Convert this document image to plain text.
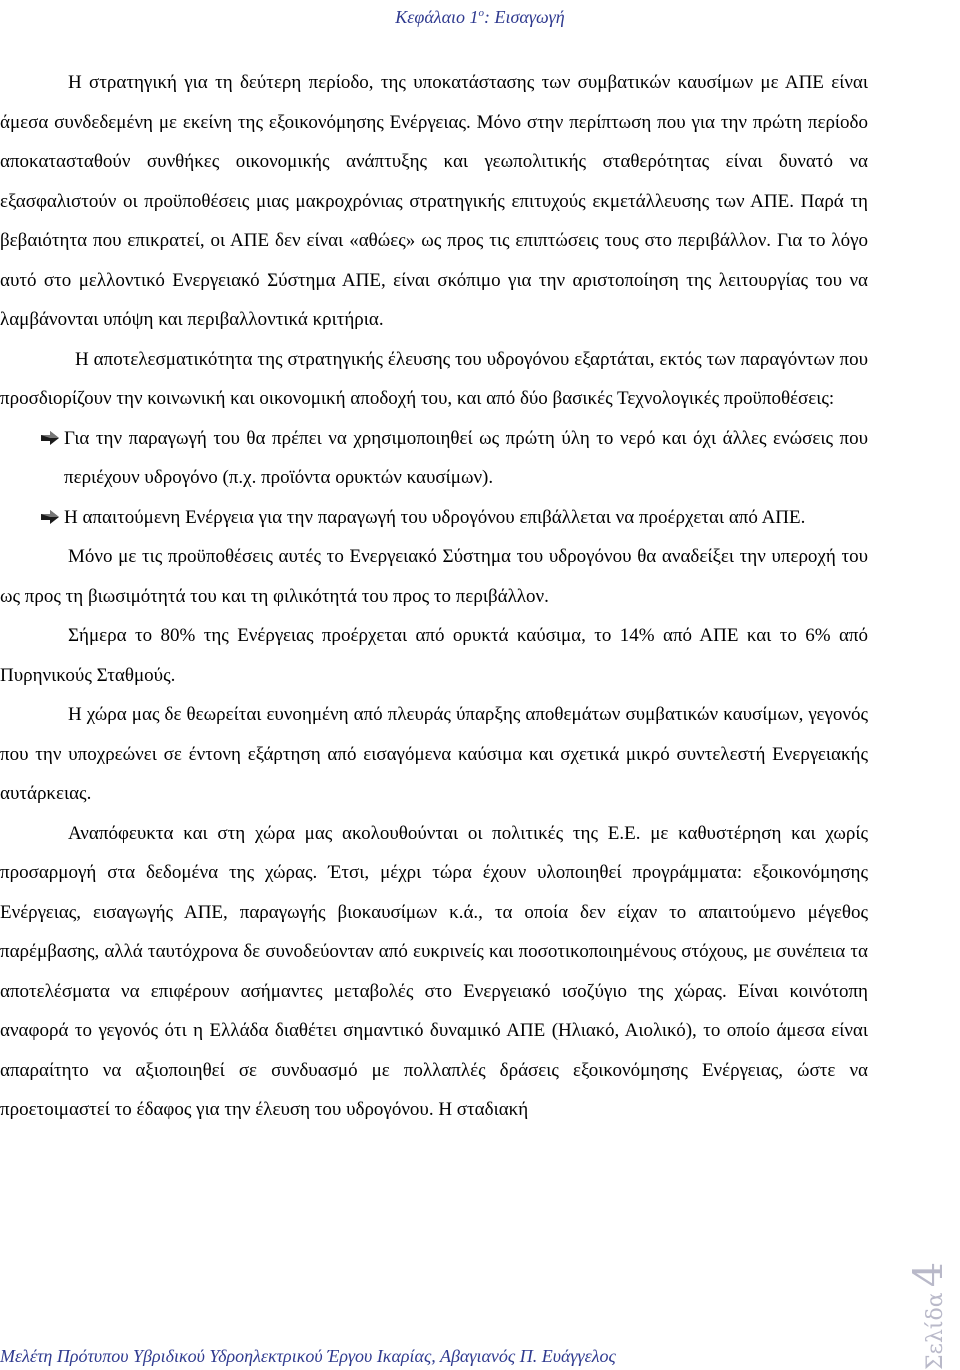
Κεφάλαιο $1^o$: Εισαγωγή

Η στρατηγική για τη δεύτερη περίοδο, της υποκατάστασης των συμβατικών καυσίμων με ΑΠΕ είναι άμεσα συνδεδεμένη με εκείνη της εξοικονόμησης Ενέργειας. Μόνο στην περίπτωση που για την πρώτη περίοδο αποκατασταθούν συνθήκες οικονομικής ανάπτυξης και γεωπολιτικής σταθερότητας είναι δυνατό να εξασφαλιστούν οι προϋποθέσεις μιας μακροχρόνιας στρατηγικής επιτυχούς εκμετάλλευσης των ΑΠΕ. Παρά τη βεβαιότητα που επικρατεί, οι ΑΠΕ δεν είναι «αθώες» ως προς τις επιπτώσεις τους στο περιβάλλον. Για το λόγο αυτό στο μελλοντικό Ενεργειακό Σύστημα ΑΠΕ, είναι σκόπιμο για την αριστοποίηση της λειτουργίας του να λαμβάνονται υπόψη και περιβαλλοντικά κριτήρια.

Η αποτελεσματικότητα της στρατηγικής έλευσης του υδρογόνου εξαρτάται, εκτός των παραγόντων που προσδιορίζουν την κοινωνική και οικονομική αποδοχή του, και από δύο βασικές Τεχνολογικές προϋποθέσεις:

Για την παραγωγή του θα πρέπει να χρησιμοποιηθεί ως πρώτη ύλη το νερό και όχι άλλες ενώσεις που περιέχουν υδρογόνο (π.χ. προϊόντα ορυκτών καυσίμων).
Η απαιτούμενη Ενέργεια για την παραγωγή του υδρογόνου επιβάλλεται να προέρχεται από ΑΠΕ.

Μόνο με τις προϋποθέσεις αυτές το Ενεργειακό Σύστημα του υδρογόνου θα αναδείξει την υπεροχή του ως προς τη βιωσιμότητά του και τη φιλικότητά του προς το περιβάλλον.

Σήμερα το 80% της Ενέργειας προέρχεται από ορυκτά καύσιμα, το 14% από ΑΠΕ και το 6% από Πυρηνικούς Σταθμούς.

Η χώρα μας δε θεωρείται ευνοημένη από πλευράς ύπαρξης αποθεμάτων συμβατικών καυσίμων, γεγονός που την υποχρεώνει σε έντονη εξάρτηση από εισαγόμενα καύσιμα και σχετικά μικρό συντελεστή Ενεργειακής αυτάρκειας.

Αναπόφευκτα και στη χώρα μας ακολουθούνται οι πολιτικές της Ε.Ε. με καθυστέρηση και χωρίς προσαρμογή στα δεδομένα της χώρας. Έτσι, μέχρι τώρα έχουν υλοποιηθεί προγράμματα: εξοικονόμησης Ενέργειας, εισαγωγής ΑΠΕ, παραγωγής βιοκαυσίμων κ.ά., τα οποία δεν είχαν το απαιτούμενο μέγεθος παρέμβασης, αλλά ταυτόχρονα δε συνοδεύονταν από ευκρινείς και ποσοτικοποιημένους στόχους, με συνέπεια τα αποτελέσματα να επιφέρουν ασήμαντες μεταβολές στο Ενεργειακό ισοζύγιο της χώρας. Είναι κοινότοπη αναφορά το γεγονός ότι η Ελλάδα διαθέτει σημαντικό δυναμικό ΑΠΕ (Ηλιακό, Αιολικό), το οποίο άμεσα είναι απαραίτητο να αξιοποιηθεί σε συνδυασμό με πολλαπλές δράσεις εξοικονόμησης Ενέργειας, ώστε να προετοιμαστεί το έδαφος για την έλευση του υδρογόνου. Η σταδιακή

Σελίδα 4
Μελέτη Πρότυπου Υβριδικού Υδροηλεκτρικού Έργου Ικαρίας, Αβαγιανός Π. Ευάγγελος
